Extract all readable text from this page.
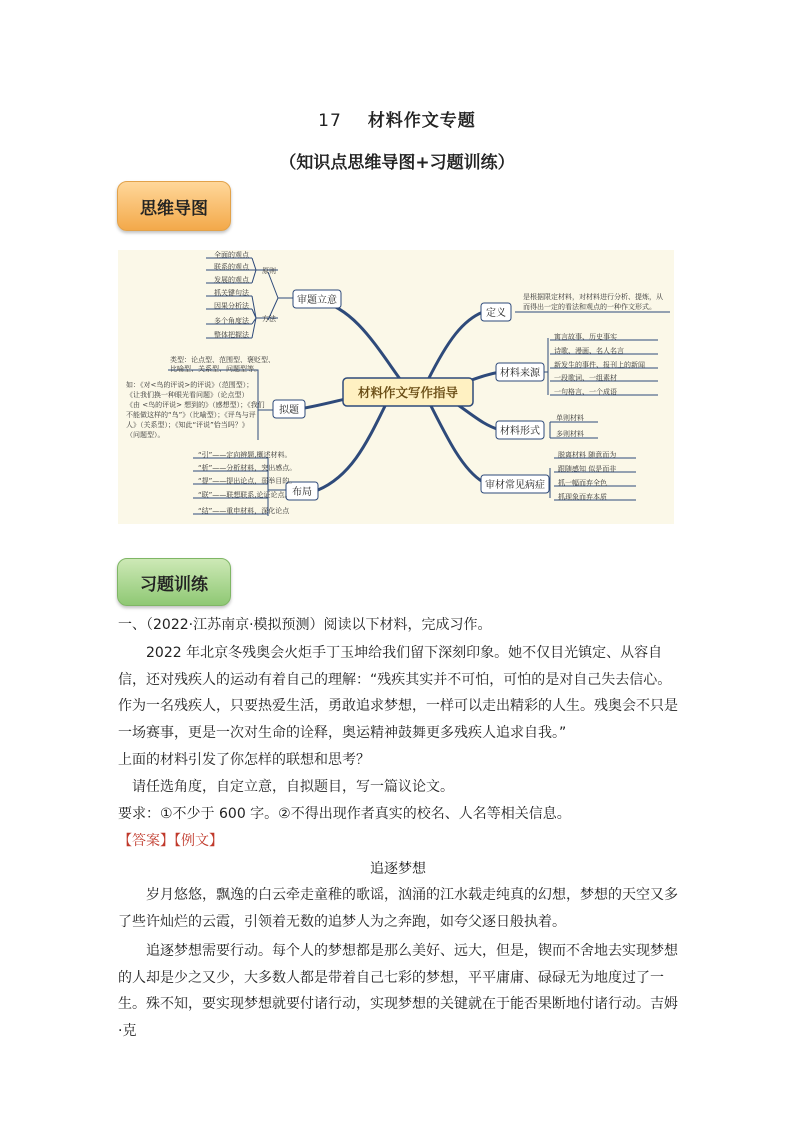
17 材料作文专题
（知识点思维导图+习题训练）
思维导图
材料作文写作指导
审题立意
拟题
布局
定义
材料来源
材料形式
审材常见病症
原则
方法
全面的观点
联系的观点
发展的观点
抓关键句法
因果分析法
多个角度法
整体把握法
类型：论点型、范围型、褒贬型、
比喻型、关系型、问题型等。
如：《对<鸟的评说>的评说》（范围型）；
《让我们换一种眼光看问题》（论点型）
《由 <鸟的评说> 想到的》（感想型）；《我们
不能做这样的“鸟”》（比喻型）；《评鸟与评
人》（关系型）；《知此“评说”恰当吗？》
（问题型）。
“引”——定向辨题,概述材料。
“析”——分析材料，突出感点。
“提”——提出论点，弱举目的。
“联”——联想联系,论证论点。
“结”——重申材料，深化论点
是根据限定材料，对材料进行分析、提炼，从
而得出一定的看法和观点的一种作文形式。
寓言故事、历史事实
诗歌、漫画、名人名言
新发生的事件、报刊上的新闻
一段歌词、一组素材
一句格言、一个成语
单则材料
多则材料
脱离材料 随意而为
跟随感知 似是而非
抓一幅而弃全色
抓现象而弃本质
习题训练
一、（2022·江苏南京·模拟预测）阅读以下材料，完成习作。
2022 年北京冬残奥会火炬手丁玉坤给我们留下深刻印象。她不仅目光镇定、从容自信，还对残疾人的运动有着自己的理解：“残疾其实并不可怕，可怕的是对自己失去信心。作为一名残疾人，只要热爱生活，勇敢追求梦想，一样可以走出精彩的人生。残奥会不只是一场赛事，更是一次对生命的诠释，奥运精神鼓舞更多残疾人追求自我。”
上面的材料引发了你怎样的联想和思考？
请任选角度，自定立意，自拟题目，写一篇议论文。
要求：①不少于 600 字。②不得出现作者真实的校名、人名等相关信息。
【答案】【例文】
追逐梦想
岁月悠悠，飘逸的白云牵走童稚的歌谣，汹涌的江水载走纯真的幻想，梦想的天空又多了些许灿烂的云霞，引领着无数的追梦人为之奔跑，如夸父逐日般执着。
追逐梦想需要行动。每个人的梦想都是那么美好、远大，但是，锲而不舍地去实现梦想的人却是少之又少，大多数人都是带着自己七彩的梦想，平平庸庸、碌碌无为地度过了一生。殊不知，要实现梦想就要付诸行动，实现梦想的关键就在于能否果断地付诸行动。吉姆·克
